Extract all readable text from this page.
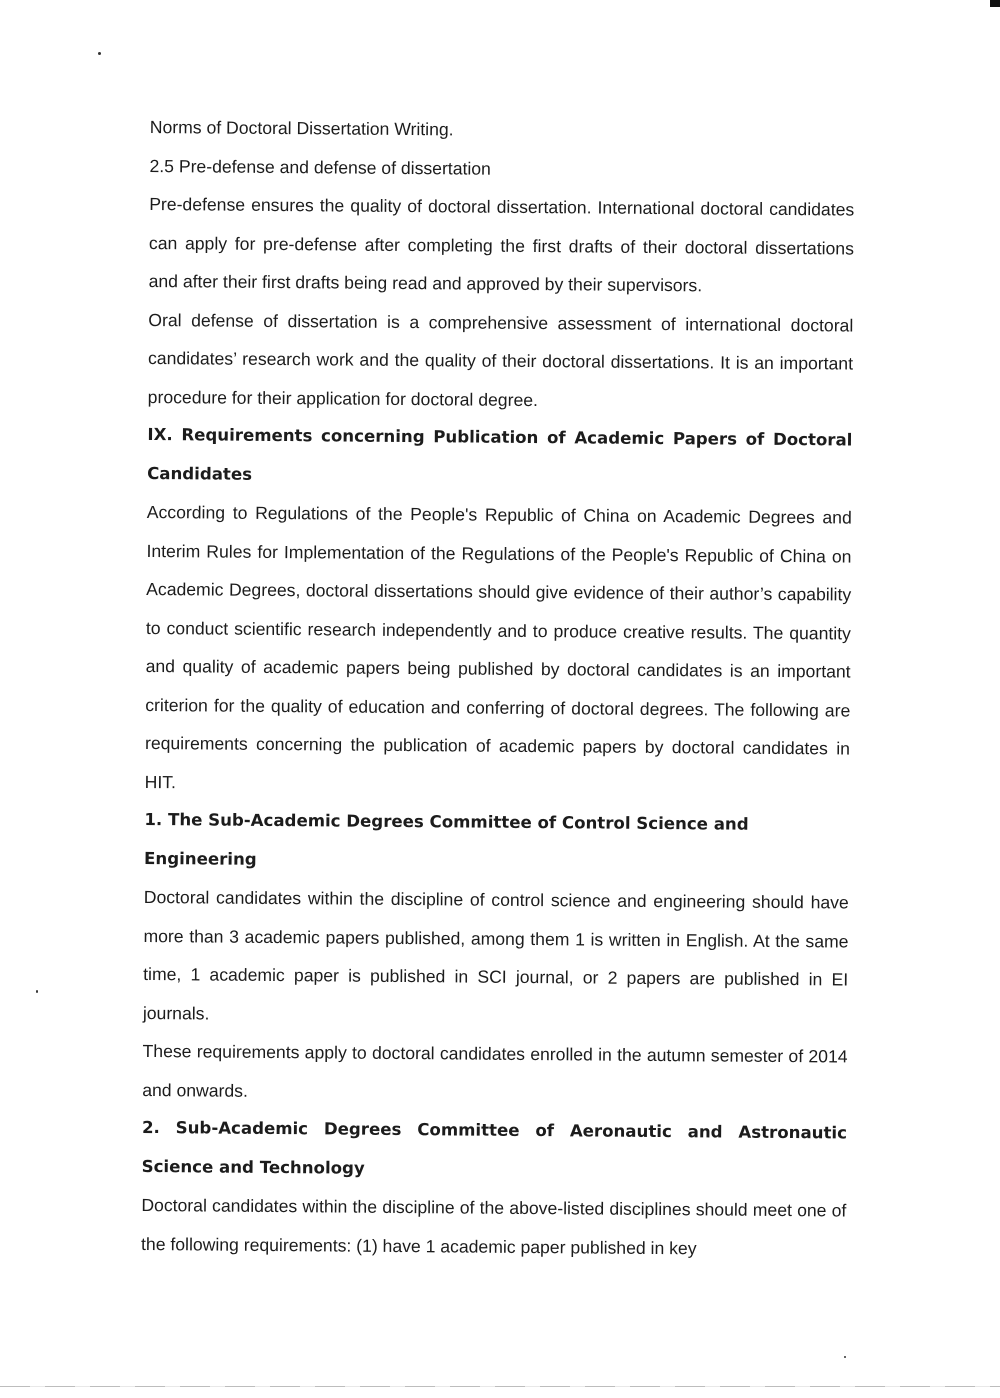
Norms of Doctoral Dissertation Writing.

2.5 Pre-defense and defense of dissertation

Pre-defense ensures the quality of doctoral dissertation. International doctoral candidates can apply for pre-defense after completing the first drafts of their doctoral dissertations and after their first drafts being read and approved by their supervisors.

Oral defense of dissertation is a comprehensive assessment of international doctoral candidates’ research work and the quality of their doctoral dissertations. It is an important procedure for their application for doctoral degree.

IX. Requirements concerning Publication of Academic Papers of Doctoral Candidates

According to Regulations of the People's Republic of China on Academic Degrees and Interim Rules for Implementation of the Regulations of the People's Republic of China on Academic Degrees, doctoral dissertations should give evidence of their author’s capability to conduct scientific research independently and to produce creative results. The quantity and quality of academic papers being published by doctoral candidates is an important criterion for the quality of education and conferring of doctoral degrees. The following are requirements concerning the publication of academic papers by doctoral candidates in HIT.

1. The Sub-Academic Degrees Committee of Control Science and Engineering

Doctoral candidates within the discipline of control science and engineering should have more than 3 academic papers published, among them 1 is written in English. At the same time, 1 academic paper is published in SCI journal, or 2 papers are published in EI journals.

These requirements apply to doctoral candidates enrolled in the autumn semester of 2014 and onwards.

2. Sub-Academic Degrees Committee of Aeronautic and Astronautic Science and Technology

Doctoral candidates within the discipline of the above-listed disciplines should meet one of the following requirements: (1) have 1 academic paper published in key
